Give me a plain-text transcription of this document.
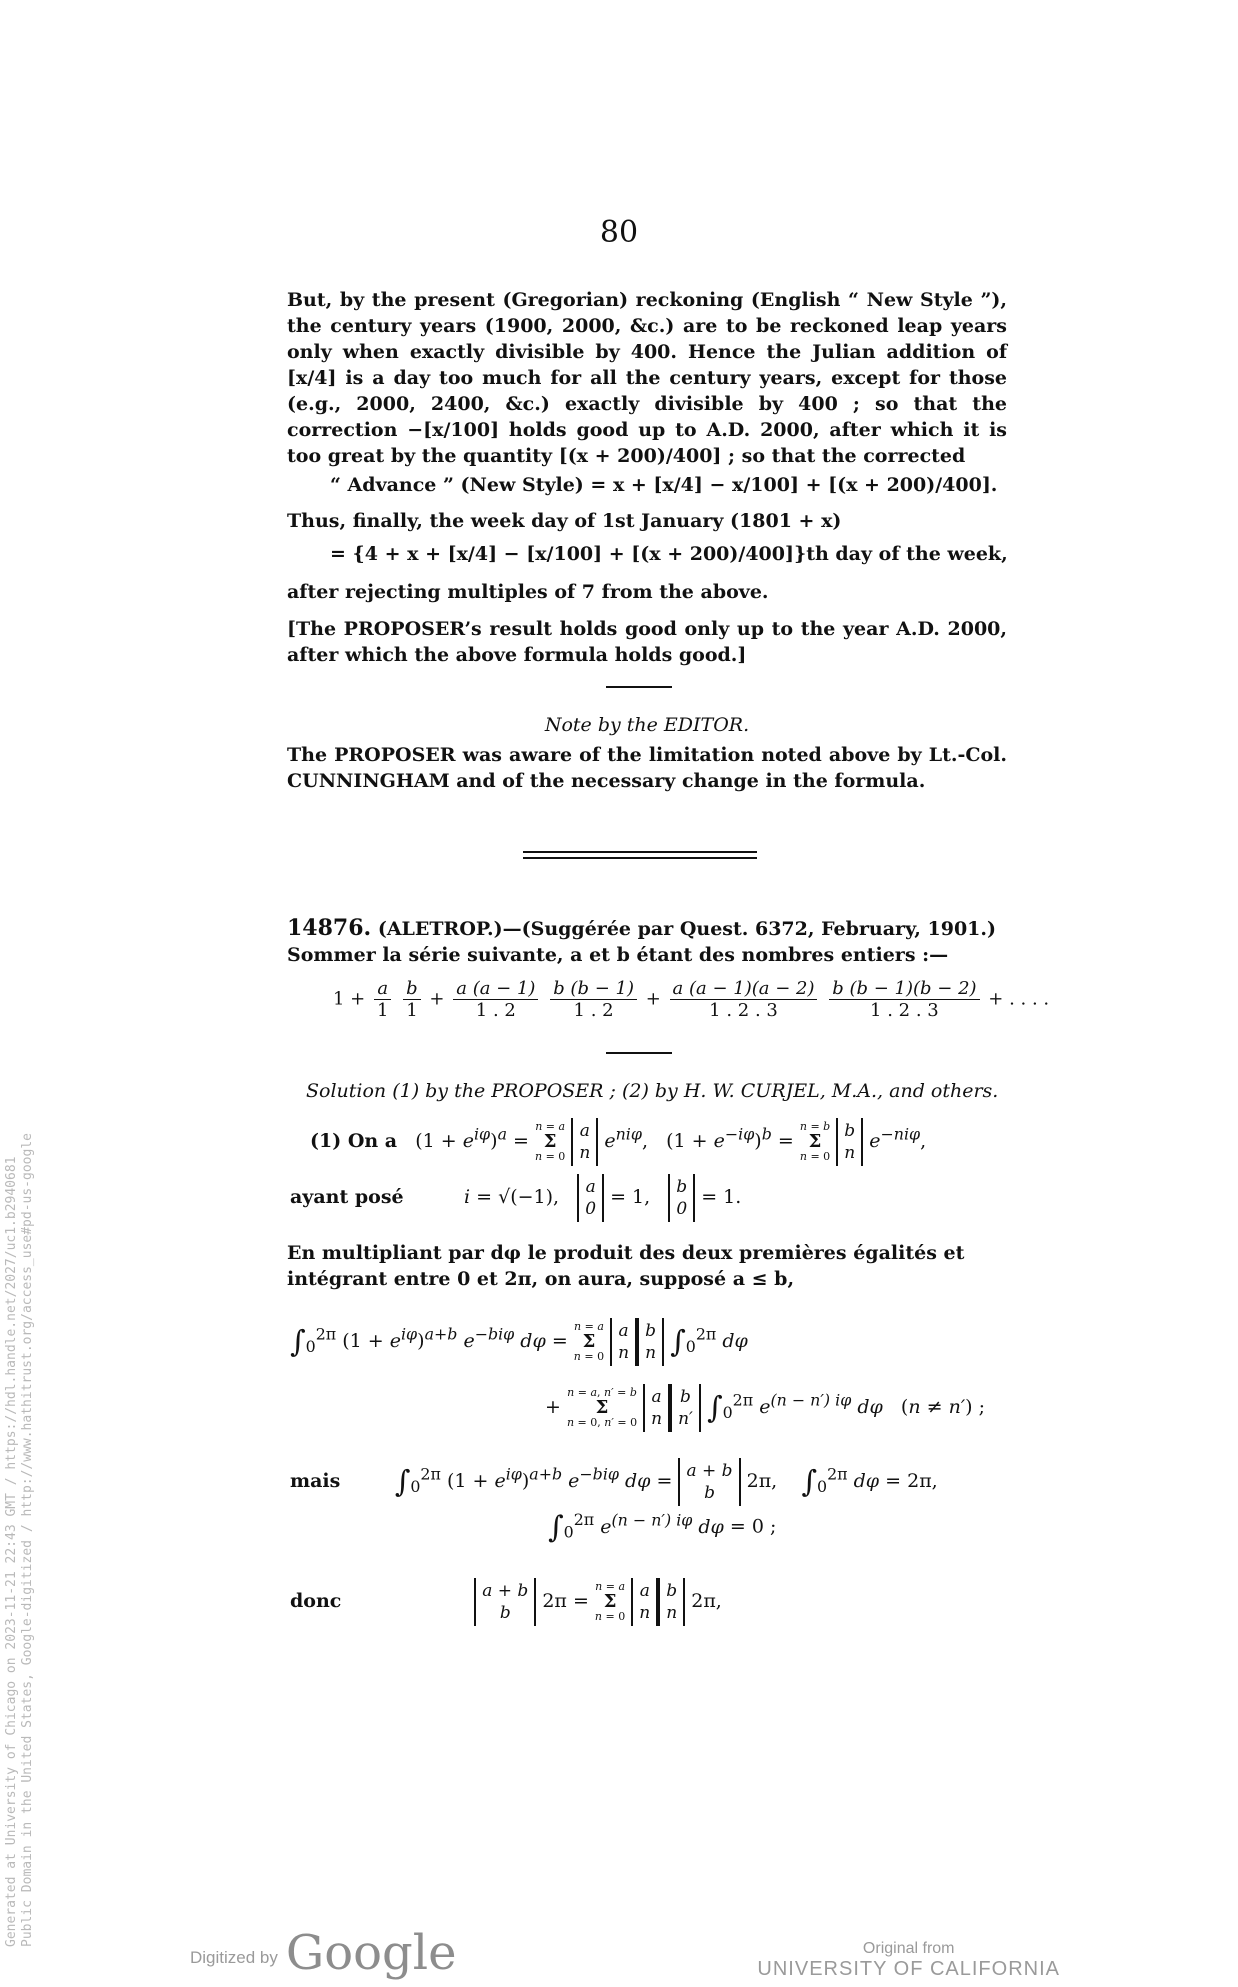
80
But, by the present (Gregorian) reckoning (English “ New Style ”), the century years (1900, 2000, &c.) are to be reckoned leap years only when exactly divisible by 400. Hence the Julian addition of [x/4] is a day too much for all the century years, except for those (e.g., 2000, 2400, &c.) exactly divisible by 400 ; so that the correction −[x/100] holds good up to A.D. 2000, after which it is too great by the quantity [(x + 200)/400] ; so that the corrected
“ Advance ” (New Style) = x + [x/4] − x/100] + [(x + 200)/400].
Thus, finally, the week day of 1st January (1801 + x)
= {4 + x + [x/4] − [x/100] + [(x + 200)/400]}th day of the week,
after rejecting multiples of 7 from the above.
[The PROPOSER’s result holds good only up to the year A.D. 2000, after which the above formula holds good.]
Note by the EDITOR.
The PROPOSER was aware of the limitation noted above by Lt.-Col. CUNNINGHAM and of the necessary change in the formula.
14876. (ALETROP.)—(Suggérée par Quest. 6372, February, 1901.)
Sommer la série suivante, a et b étant des nombres entiers :—
$1 + \frac{a}{1}$
$\frac{b}{1} + \frac{a (a - 1)}{1 . 2}$
$\frac{b (b - 1)}{1 . 2} + \frac{a (a - 1)(a - 2)}{1 . 2 . 3}$
$\frac{b (b - 1)(b - 2)}{1 . 2 . 3}$ + . . . .
Solution (1) by the PROPOSER ; (2) by H. W. CURJEL, M.A., and others.
(1) On a   $(1 + e^{i\varphi})^a = n = a$
Σ
n = 0 a
n $e^{ni\varphi}$,   $(1 + e^{-i\varphi})^b = n = b$
Σ
n = 0 b
n $e^{-ni\varphi}$,
ayant posé	i = √(−1),   a
0 = 1,   b
0 = 1.
En multipliant par dφ le produit des deux premières égalités et intégrant entre 0 et 2π, on aura, supposé a ≤ b,
$\int_0^{2\pi}$ $(1 + e^{i\varphi})^{a+b}$ $e^{-bi\varphi}$ dφ = n = a
Σ
n = 0 a
nb
n $\int_0^{2\pi}$ dφ
+ n = a, n′ = b
Σ
n = 0, n′ = 0 a
nb
n′ $\int_0^{2\pi}$ $e^{(n - n') i\varphi}$ dφ   (n ≠ n′) ;
mais $\int_0^{2\pi}$ $(1 + e^{i\varphi})^{a+b}$ $e^{-bi\varphi}$ dφ = a + b
b 2π,    $\int_0^{2\pi}$ dφ = 2π,
$\int_0^{2\pi}$ $e^{(n - n') i\varphi}$ dφ = 0 ;
donc	a + b
b 2π = n = a
Σ
n = 0 a
nb
n 2π,
Generated at University of Chicago on 2023-11-21 22:43 GMT / https://hdl.handle.net/2027/uc1.b2940681 Public Domain in the United States, Google-digitized / http://www.hathitrust.org/access_use#pd-us-google
Digitized by Google	Original from
UNIVERSITY OF CALIFORNIA
